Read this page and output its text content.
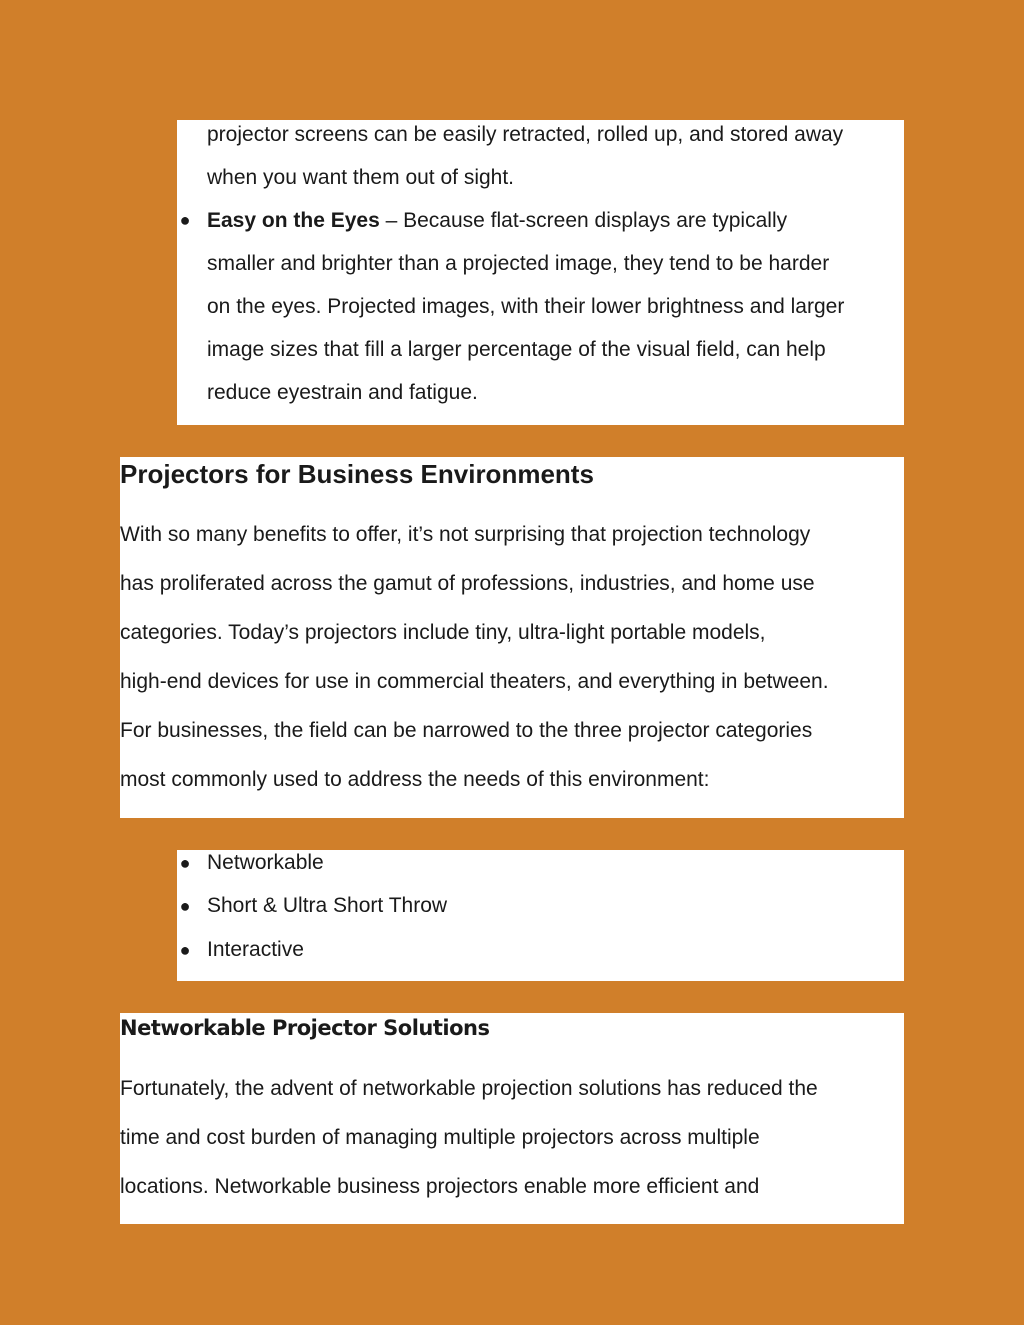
projector screens can be easily retracted, rolled up, and stored away
when you want them out of sight.
● Easy on the Eyes – Because flat-screen displays are typically
smaller and brighter than a projected image, they tend to be harder
on the eyes. Projected images, with their lower brightness and larger
image sizes that fill a larger percentage of the visual field, can help
reduce eyestrain and fatigue.
Projectors for Business Environments
With so many benefits to offer, it’s not surprising that projection technology
has proliferated across the gamut of professions, industries, and home use
categories. Today’s projectors include tiny, ultra-light portable models,
high-end devices for use in commercial theaters, and everything in between.
For businesses, the field can be narrowed to the three projector categories
most commonly used to address the needs of this environment:
● Networkable
● Short & Ultra Short Throw
● Interactive
Networkable Projector Solutions
Fortunately, the advent of networkable projection solutions has reduced the
time and cost burden of managing multiple projectors across multiple
locations. Networkable business projectors enable more efficient and
